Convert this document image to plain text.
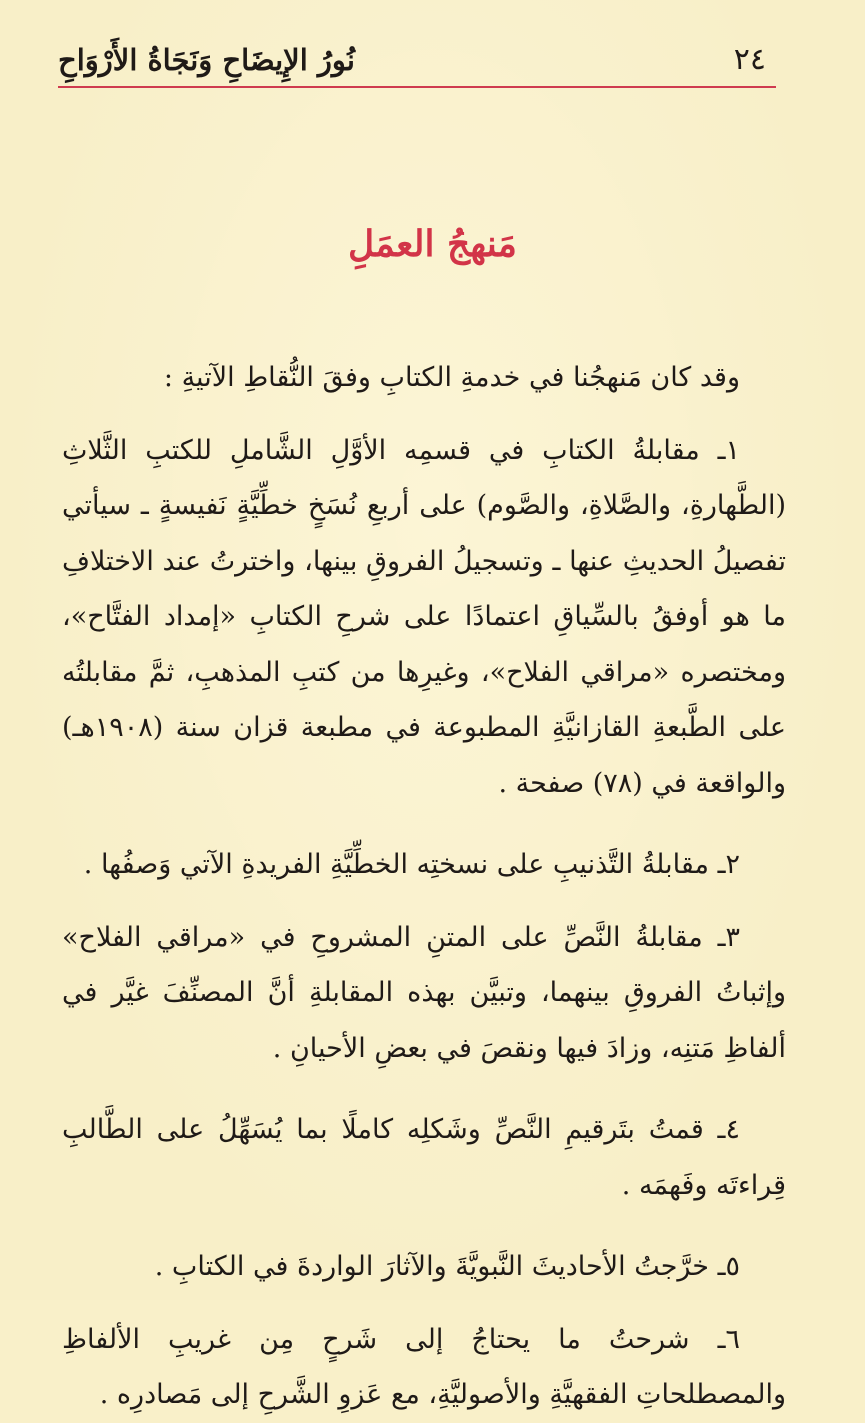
٢٤
نُورُ الإِيضَاحِ وَنَجَاةُ الأَرْوَاحِ
مَنهجُ العمَلِ

وقد كان مَنهجُنا في خدمةِ الكتابِ وفقَ النُّقاطِ الآتيةِ :

١ـ مقابلةُ الكتابِ في قسمِه الأوَّلِ الشَّاملِ للكتبِ الثَّلاثِ (الطَّهارةِ، والصَّلاةِ، والصَّوم) على أربعِ نُسَخٍ خطِّيَّةٍ نَفيسةٍ ـ سيأتي تفصيلُ الحديثِ عنها ـ وتسجيلُ الفروقِ بينها، واخترتُ عند الاختلافِ ما هو أوفقُ بالسِّياقِ اعتمادًا على شرحِ الكتابِ «إمداد الفتَّاح»، ومختصره «مراقي الفلاح»، وغيرِها من كتبِ المذهبِ، ثمَّ مقابلتُه على الطَّبعةِ القازانيَّةِ المطبوعة في مطبعة قزان سنة (١٩٠٨هـ) والواقعة في (٧٨) صفحة .

٢ـ مقابلةُ التَّذنيبِ على نسختِه الخطِّيَّةِ الفريدةِ الآتي وَصفُها .

٣ـ مقابلةُ النَّصِّ على المتنِ المشروحِ في «مراقي الفلاح» وإثباتُ الفروقِ بينهما، وتبيَّن بهذه المقابلةِ أنَّ المصنِّفَ غيَّر في ألفاظِ مَتنِه، وزادَ فيها ونقصَ في بعضِ الأحيانِ .

٤ـ قمتُ بتَرقيمِ النَّصِّ وشَكلِه كاملًا بما يُسَهِّلُ على الطَّالبِ قِراءتَه وفَهمَه .

٥ـ خرَّجتُ الأحاديثَ النَّبويَّةَ والآثارَ الواردةَ في الكتابِ .

٦ـ شرحتُ ما يحتاجُ إلى شَرحٍ مِن غريبِ الألفاظِ والمصطلحاتِ الفقهيَّةِ والأصوليَّةِ، مع عَزوِ الشَّرحِ إلى مَصادرِه .
